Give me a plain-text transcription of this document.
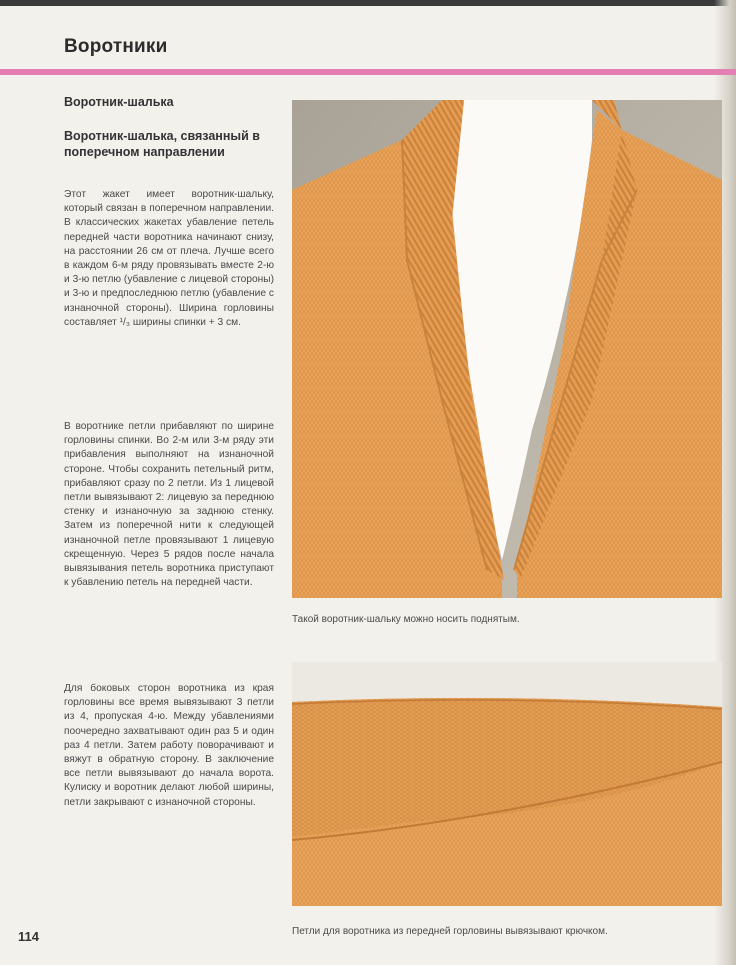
Воротники
Воротник-шалька
Воротник-шалька, связанный в поперечном направлении
Этот жакет имеет воротник-шальку, который связан в поперечном направлении. В классических жакетах убавление петель передней части воротника начинают снизу, на расстоянии 26 см от плеча. Лучше всего в каждом 6-м ряду провязывать вместе 2-ю и 3-ю петлю (убавление с лицевой стороны) и 3-ю и предпоследнюю петлю (убавление с изнаночной стороны). Ширина горловины составляет ¹/₃ ширины спинки + 3 см.
В воротнике петли прибавляют по ширине горловины спинки. Во 2-м или 3-м ряду эти прибавления выполняют на изнаночной стороне. Чтобы сохранить петельный ритм, прибавляют сразу по 2 петли. Из 1 лицевой петли вывязывают 2: лицевую за переднюю стенку и изнаночную за заднюю стенку. Затем из поперечной нити к следующей изнаночной петле провязывают 1 лицевую скрещенную. Через 5 рядов после начала вывязывания петель воротника приступают к убавлению петель на передней части.
Для боковых сторон воротника из края горловины все время вывязывают 3 петли из 4, пропуская 4-ю. Между убавлениями поочередно захватывают один раз 5 и один раз 4 петли. Затем работу поворачивают и вяжут в обратную сторону. В заключение все петли вывязывают до начала ворота. Кулиску и воротник делают любой ширины, петли закрывают с изнаночной стороны.
Такой воротник-шальку можно носить поднятым.
Петли для воротника из передней горловины вывязывают крючком.
114
